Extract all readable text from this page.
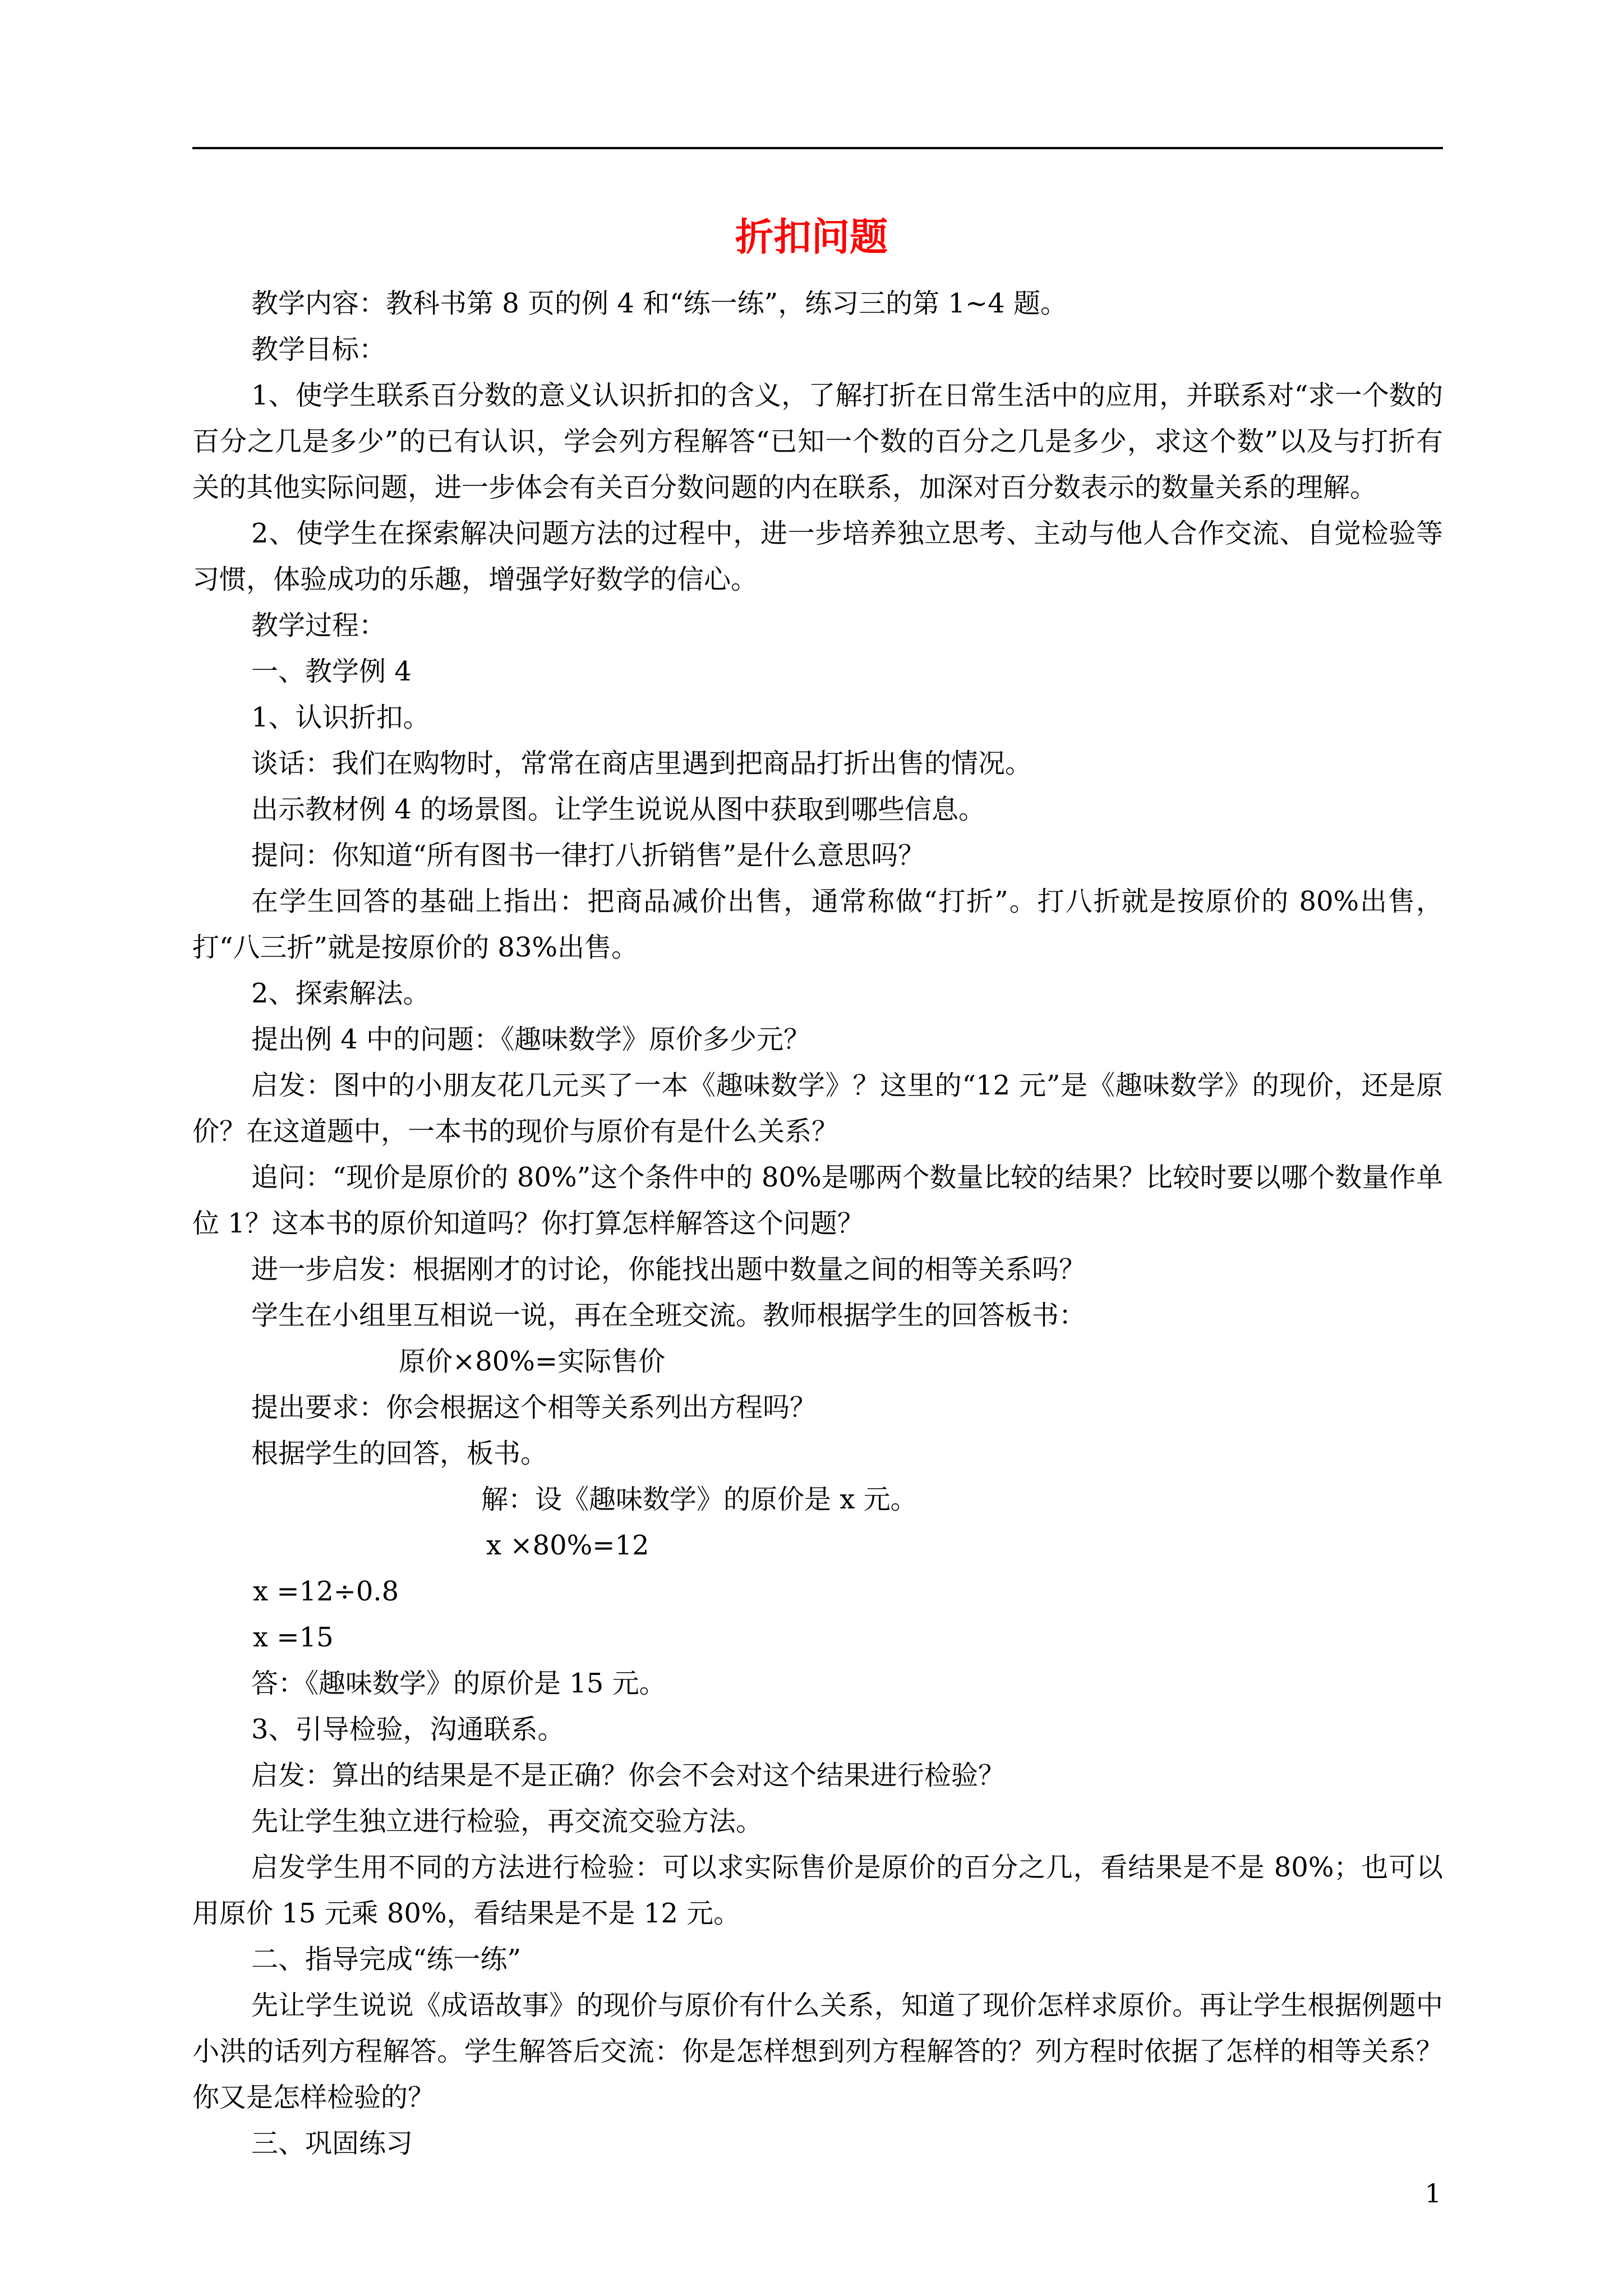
折扣问题

教学内容：教科书第 8 页的例 4 和“练一练”，练习三的第 1~4 题。

教学目标：

1、使学生联系百分数的意义认识折扣的含义，了解打折在日常生活中的应用，并联系对“求一个数的百分之几是多少”的已有认识，学会列方程解答“已知一个数的百分之几是多少，求这个数”以及与打折有关的其他实际问题，进一步体会有关百分数问题的内在联系，加深对百分数表示的数量关系的理解。

2、使学生在探索解决问题方法的过程中，进一步培养独立思考、主动与他人合作交流、自觉检验等习惯，体验成功的乐趣，增强学好数学的信心。

教学过程：

一、教学例 4

1、认识折扣。

谈话：我们在购物时，常常在商店里遇到把商品打折出售的情况。

出示教材例 4 的场景图。让学生说说从图中获取到哪些信息。

提问：你知道“所有图书一律打八折销售”是什么意思吗？

在学生回答的基础上指出：把商品减价出售，通常称做“打折”。打八折就是按原价的 80%出售，打“八三折”就是按原价的 83%出售。

2、探索解法。

提出例 4 中的问题：《趣味数学》原价多少元？

启发：图中的小朋友花几元买了一本《趣味数学》？这里的“12 元”是《趣味数学》的现价，还是原价？在这道题中，一本书的现价与原价有是什么关系？

追问：“现价是原价的 80%”这个条件中的 80%是哪两个数量比较的结果？比较时要以哪个数量作单位 1？这本书的原价知道吗？你打算怎样解答这个问题？

进一步启发：根据刚才的讨论，你能找出题中数量之间的相等关系吗？

学生在小组里互相说一说，再在全班交流。教师根据学生的回答板书：

原价×80%=实际售价

提出要求：你会根据这个相等关系列出方程吗？

根据学生的回答，板书。

解：设《趣味数学》的原价是 x 元。

x ×80%=12

x =12÷0.8

x =15

答：《趣味数学》的原价是 15 元。

3、引导检验，沟通联系。

启发：算出的结果是不是正确？你会不会对这个结果进行检验？

先让学生独立进行检验，再交流交验方法。

启发学生用不同的方法进行检验：可以求实际售价是原价的百分之几，看结果是不是 80%；也可以用原价 15 元乘 80%，看结果是不是 12 元。

二、指导完成“练一练”

先让学生说说《成语故事》的现价与原价有什么关系，知道了现价怎样求原价。再让学生根据例题中小洪的话列方程解答。学生解答后交流：你是怎样想到列方程解答的？列方程时依据了怎样的相等关系？你又是怎样检验的？

三、巩固练习

1
